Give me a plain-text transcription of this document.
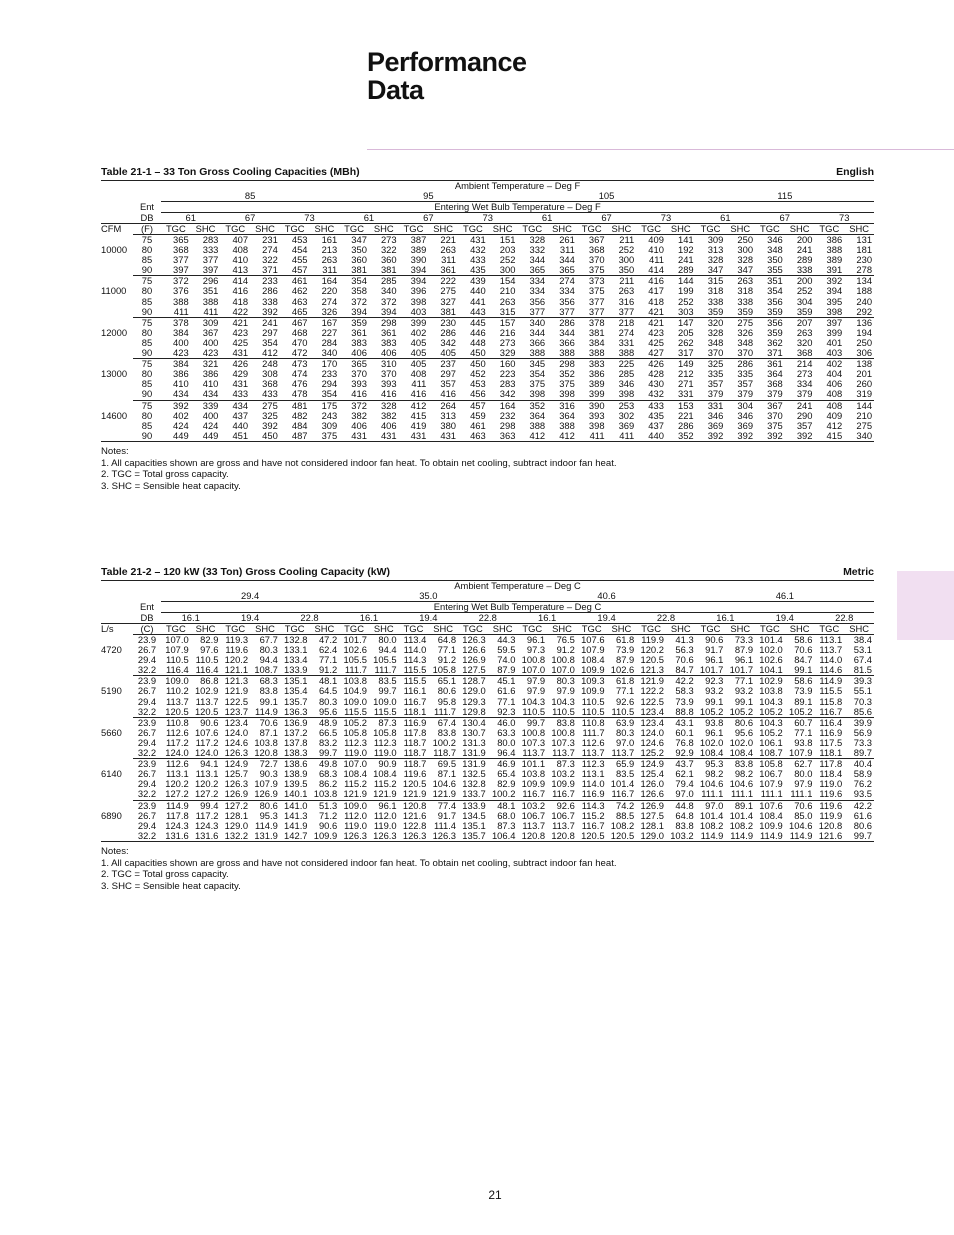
Performance
Data
Table 21-1 – 33 Ton Gross Cooling Capacities (MBh)	English
		Ambient Temperature – Deg F																							
		85						95						105						115					
	Ent	Entering Wet Bulb Temperature – Deg F																							
	DB	61		67		73		61		67		73		61		67		73		61		67		73	
CFM	(F)	TGC	SHC	TGC	SHC	TGC	SHC	TGC	SHC	TGC	SHC	TGC	SHC	TGC	SHC	TGC	SHC	TGC	SHC	TGC	SHC	TGC	SHC	TGC	SHC
	75	365	283	407	231	453	161	347	273	387	221	431	151	328	261	367	211	409	141	309	250	346	200	386	131
10000	80	368	333	408	274	454	213	350	322	389	263	432	203	332	311	368	252	410	192	313	300	348	241	388	181
	85	377	377	410	322	455	263	360	360	390	311	433	252	344	344	370	300	411	241	328	328	350	289	389	230
	90	397	397	413	371	457	311	381	381	394	361	435	300	365	365	375	350	414	289	347	347	355	338	391	278
	75	372	296	414	233	461	164	354	285	394	222	439	154	334	274	373	211	416	144	315	263	351	200	392	134
11000	80	376	351	416	286	462	220	358	340	396	275	440	210	334	334	375	263	417	199	318	318	354	252	394	188
	85	388	388	418	338	463	274	372	372	398	327	441	263	356	356	377	316	418	252	338	338	356	304	395	240
	90	411	411	422	392	465	326	394	394	403	381	443	315	377	377	377	377	421	303	359	359	359	359	398	292
	75	378	309	421	241	467	167	359	298	399	230	445	157	340	286	378	218	421	147	320	275	356	207	397	136
12000	80	384	367	423	297	468	227	361	361	402	286	446	216	344	344	381	274	423	205	328	326	359	263	399	194
	85	400	400	425	354	470	284	383	383	405	342	448	273	366	366	384	331	425	262	348	348	362	320	401	250
	90	423	423	431	412	472	340	406	406	405	405	450	329	388	388	388	388	427	317	370	370	371	368	403	306
	75	384	321	426	248	473	170	365	310	405	237	450	160	345	298	383	225	426	149	325	286	361	214	402	138
13000	80	386	386	429	308	474	233	370	370	408	297	452	223	354	352	386	285	428	212	335	335	364	273	404	201
	85	410	410	431	368	476	294	393	393	411	357	453	283	375	375	389	346	430	271	357	357	368	334	406	260
	90	434	434	433	433	478	354	416	416	416	416	456	342	398	398	399	398	432	331	379	379	379	379	408	319
	75	392	339	434	275	481	175	372	328	412	264	457	164	352	316	390	253	433	153	331	304	367	241	408	144
14600	80	402	400	437	325	482	243	382	382	415	313	459	232	364	364	393	302	435	221	346	346	370	290	409	210
	85	424	424	440	392	484	309	406	406	419	380	461	298	388	388	398	369	437	286	369	369	375	357	412	275
	90	449	449	451	450	487	375	431	431	431	431	463	363	412	412	411	411	440	352	392	392	392	392	415	340
Notes:
1. All capacities shown are gross and have not considered indoor fan heat. To obtain net cooling, subtract indoor fan heat.
2. TGC = Total gross capacity.
3. SHC = Sensible heat capacity.
Table 21-2 – 120 kW (33 Ton) Gross Cooling Capacity (kW)	Metric
		Ambient Temperature – Deg C																							
		29.4						35.0						40.6						46.1					
	Ent	Entering Wet Bulb Temperature – Deg C																							
	DB	16.1		19.4		22.8		16.1		19.4		22.8		16.1		19.4		22.8		16.1		19.4		22.8	
L/s	(C)	TGC	SHC	TGC	SHC	TGC	SHC	TGC	SHC	TGC	SHC	TGC	SHC	TGC	SHC	TGC	SHC	TGC	SHC	TGC	SHC	TGC	SHC	TGC	SHC
	23.9	107.0	82.9	119.3	67.7	132.8	47.2	101.7	80.0	113.4	64.8	126.3	44.3	96.1	76.5	107.6	61.8	119.9	41.3	90.6	73.3	101.4	58.6	113.1	38.4
4720	26.7	107.9	97.6	119.6	80.3	133.1	62.4	102.6	94.4	114.0	77.1	126.6	59.5	97.3	91.2	107.9	73.9	120.2	56.3	91.7	87.9	102.0	70.6	113.7	53.1
	29.4	110.5	110.5	120.2	94.4	133.4	77.1	105.5	105.5	114.3	91.2	126.9	74.0	100.8	100.8	108.4	87.9	120.5	70.6	96.1	96.1	102.6	84.7	114.0	67.4
	32.2	116.4	116.4	121.1	108.7	133.9	91.2	111.7	111.7	115.5	105.8	127.5	87.9	107.0	107.0	109.9	102.6	121.3	84.7	101.7	101.7	104.1	99.1	114.6	81.5
	23.9	109.0	86.8	121.3	68.3	135.1	48.1	103.8	83.5	115.5	65.1	128.7	45.1	97.9	80.3	109.3	61.8	121.9	42.2	92.3	77.1	102.9	58.6	114.9	39.3
5190	26.7	110.2	102.9	121.9	83.8	135.4	64.5	104.9	99.7	116.1	80.6	129.0	61.6	97.9	97.9	109.9	77.1	122.2	58.3	93.2	93.2	103.8	73.9	115.5	55.1
	29.4	113.7	113.7	122.5	99.1	135.7	80.3	109.0	109.0	116.7	95.8	129.3	77.1	104.3	104.3	110.5	92.6	122.5	73.9	99.1	99.1	104.3	89.1	115.8	70.3
	32.2	120.5	120.5	123.7	114.9	136.3	95.6	115.5	115.5	118.1	111.7	129.8	92.3	110.5	110.5	110.5	110.5	123.4	88.8	105.2	105.2	105.2	105.2	116.7	85.6
	23.9	110.8	90.6	123.4	70.6	136.9	48.9	105.2	87.3	116.9	67.4	130.4	46.0	99.7	83.8	110.8	63.9	123.4	43.1	93.8	80.6	104.3	60.7	116.4	39.9
5660	26.7	112.6	107.6	124.0	87.1	137.2	66.5	105.8	105.8	117.8	83.8	130.7	63.3	100.8	100.8	111.7	80.3	124.0	60.1	96.1	95.6	105.2	77.1	116.9	56.9
	29.4	117.2	117.2	124.6	103.8	137.8	83.2	112.3	112.3	118.7	100.2	131.3	80.0	107.3	107.3	112.6	97.0	124.6	76.8	102.0	102.0	106.1	93.8	117.5	73.3
	32.2	124.0	124.0	126.3	120.8	138.3	99.7	119.0	119.0	118.7	118.7	131.9	96.4	113.7	113.7	113.7	113.7	125.2	92.9	108.4	108.4	108.7	107.9	118.1	89.7
	23.9	112.6	94.1	124.9	72.7	138.6	49.8	107.0	90.9	118.7	69.5	131.9	46.9	101.1	87.3	112.3	65.9	124.9	43.7	95.3	83.8	105.8	62.7	117.8	40.4
6140	26.7	113.1	113.1	125.7	90.3	138.9	68.3	108.4	108.4	119.6	87.1	132.5	65.4	103.8	103.2	113.1	83.5	125.4	62.1	98.2	98.2	106.7	80.0	118.4	58.9
	29.4	120.2	120.2	126.3	107.9	139.5	86.2	115.2	115.2	120.5	104.6	132.8	82.9	109.9	109.9	114.0	101.4	126.0	79.4	104.6	104.6	107.9	97.9	119.0	76.2
	32.2	127.2	127.2	126.9	126.9	140.1	103.8	121.9	121.9	121.9	121.9	133.7	100.2	116.7	116.7	116.9	116.7	126.6	97.0	111.1	111.1	111.1	111.1	119.6	93.5
	23.9	114.9	99.4	127.2	80.6	141.0	51.3	109.0	96.1	120.8	77.4	133.9	48.1	103.2	92.6	114.3	74.2	126.9	44.8	97.0	89.1	107.6	70.6	119.6	42.2
6890	26.7	117.8	117.2	128.1	95.3	141.3	71.2	112.0	112.0	121.6	91.7	134.5	68.0	106.7	106.7	115.2	88.5	127.5	64.8	101.4	101.4	108.4	85.0	119.9	61.6
	29.4	124.3	124.3	129.0	114.9	141.9	90.6	119.0	119.0	122.8	111.4	135.1	87.3	113.7	113.7	116.7	108.2	128.1	83.8	108.2	108.2	109.9	104.6	120.8	80.6
	32.2	131.6	131.6	132.2	131.9	142.7	109.9	126.3	126.3	126.3	126.3	135.7	106.4	120.8	120.8	120.5	120.5	129.0	103.2	114.9	114.9	114.9	114.9	121.6	99.7
Notes:
1. All capacities shown are gross and have not considered indoor fan heat. To obtain net cooling, subtract indoor fan heat.
2. TGC = Total gross capacity.
3. SHC = Sensible heat capacity.
21
